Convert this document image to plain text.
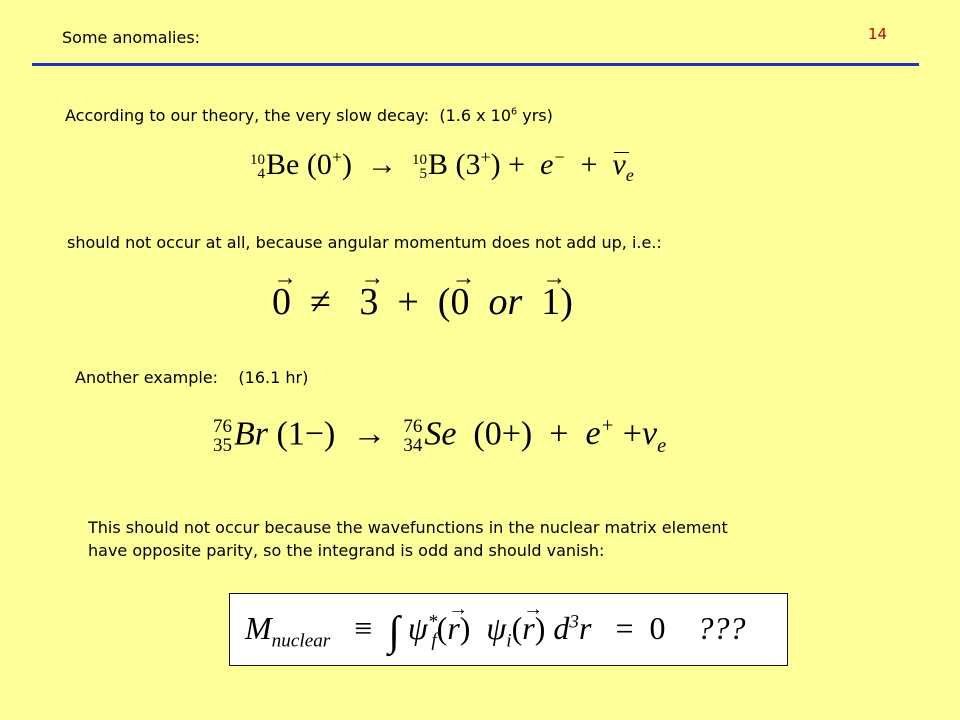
Some anomalies:	14
According to our theory, the very slow decay: (1.6 x $10^6$ yrs)
10
4 Be (0+) → 10
5 B $(3^+) + e^- + \nu_e$
should not occur at all, because angular momentum does not add up, i.e.:
→ 0 ≠ → 3 +  (→ 0 or → 1)
Another example: (16.1 hr)
76
35 Br (1−) → 76
34 Se $(0+) + e^+ +\nu_e$
This should not occur because the wavefunctions in the nuclear matrix element
have opposite parity, so the integrand is odd and should vanish:
$M_{nuclear}$ ≡ ∫ $\psi^*_f(\to r)$  $\psi_i(\to r) d^3r = 0$ ???
